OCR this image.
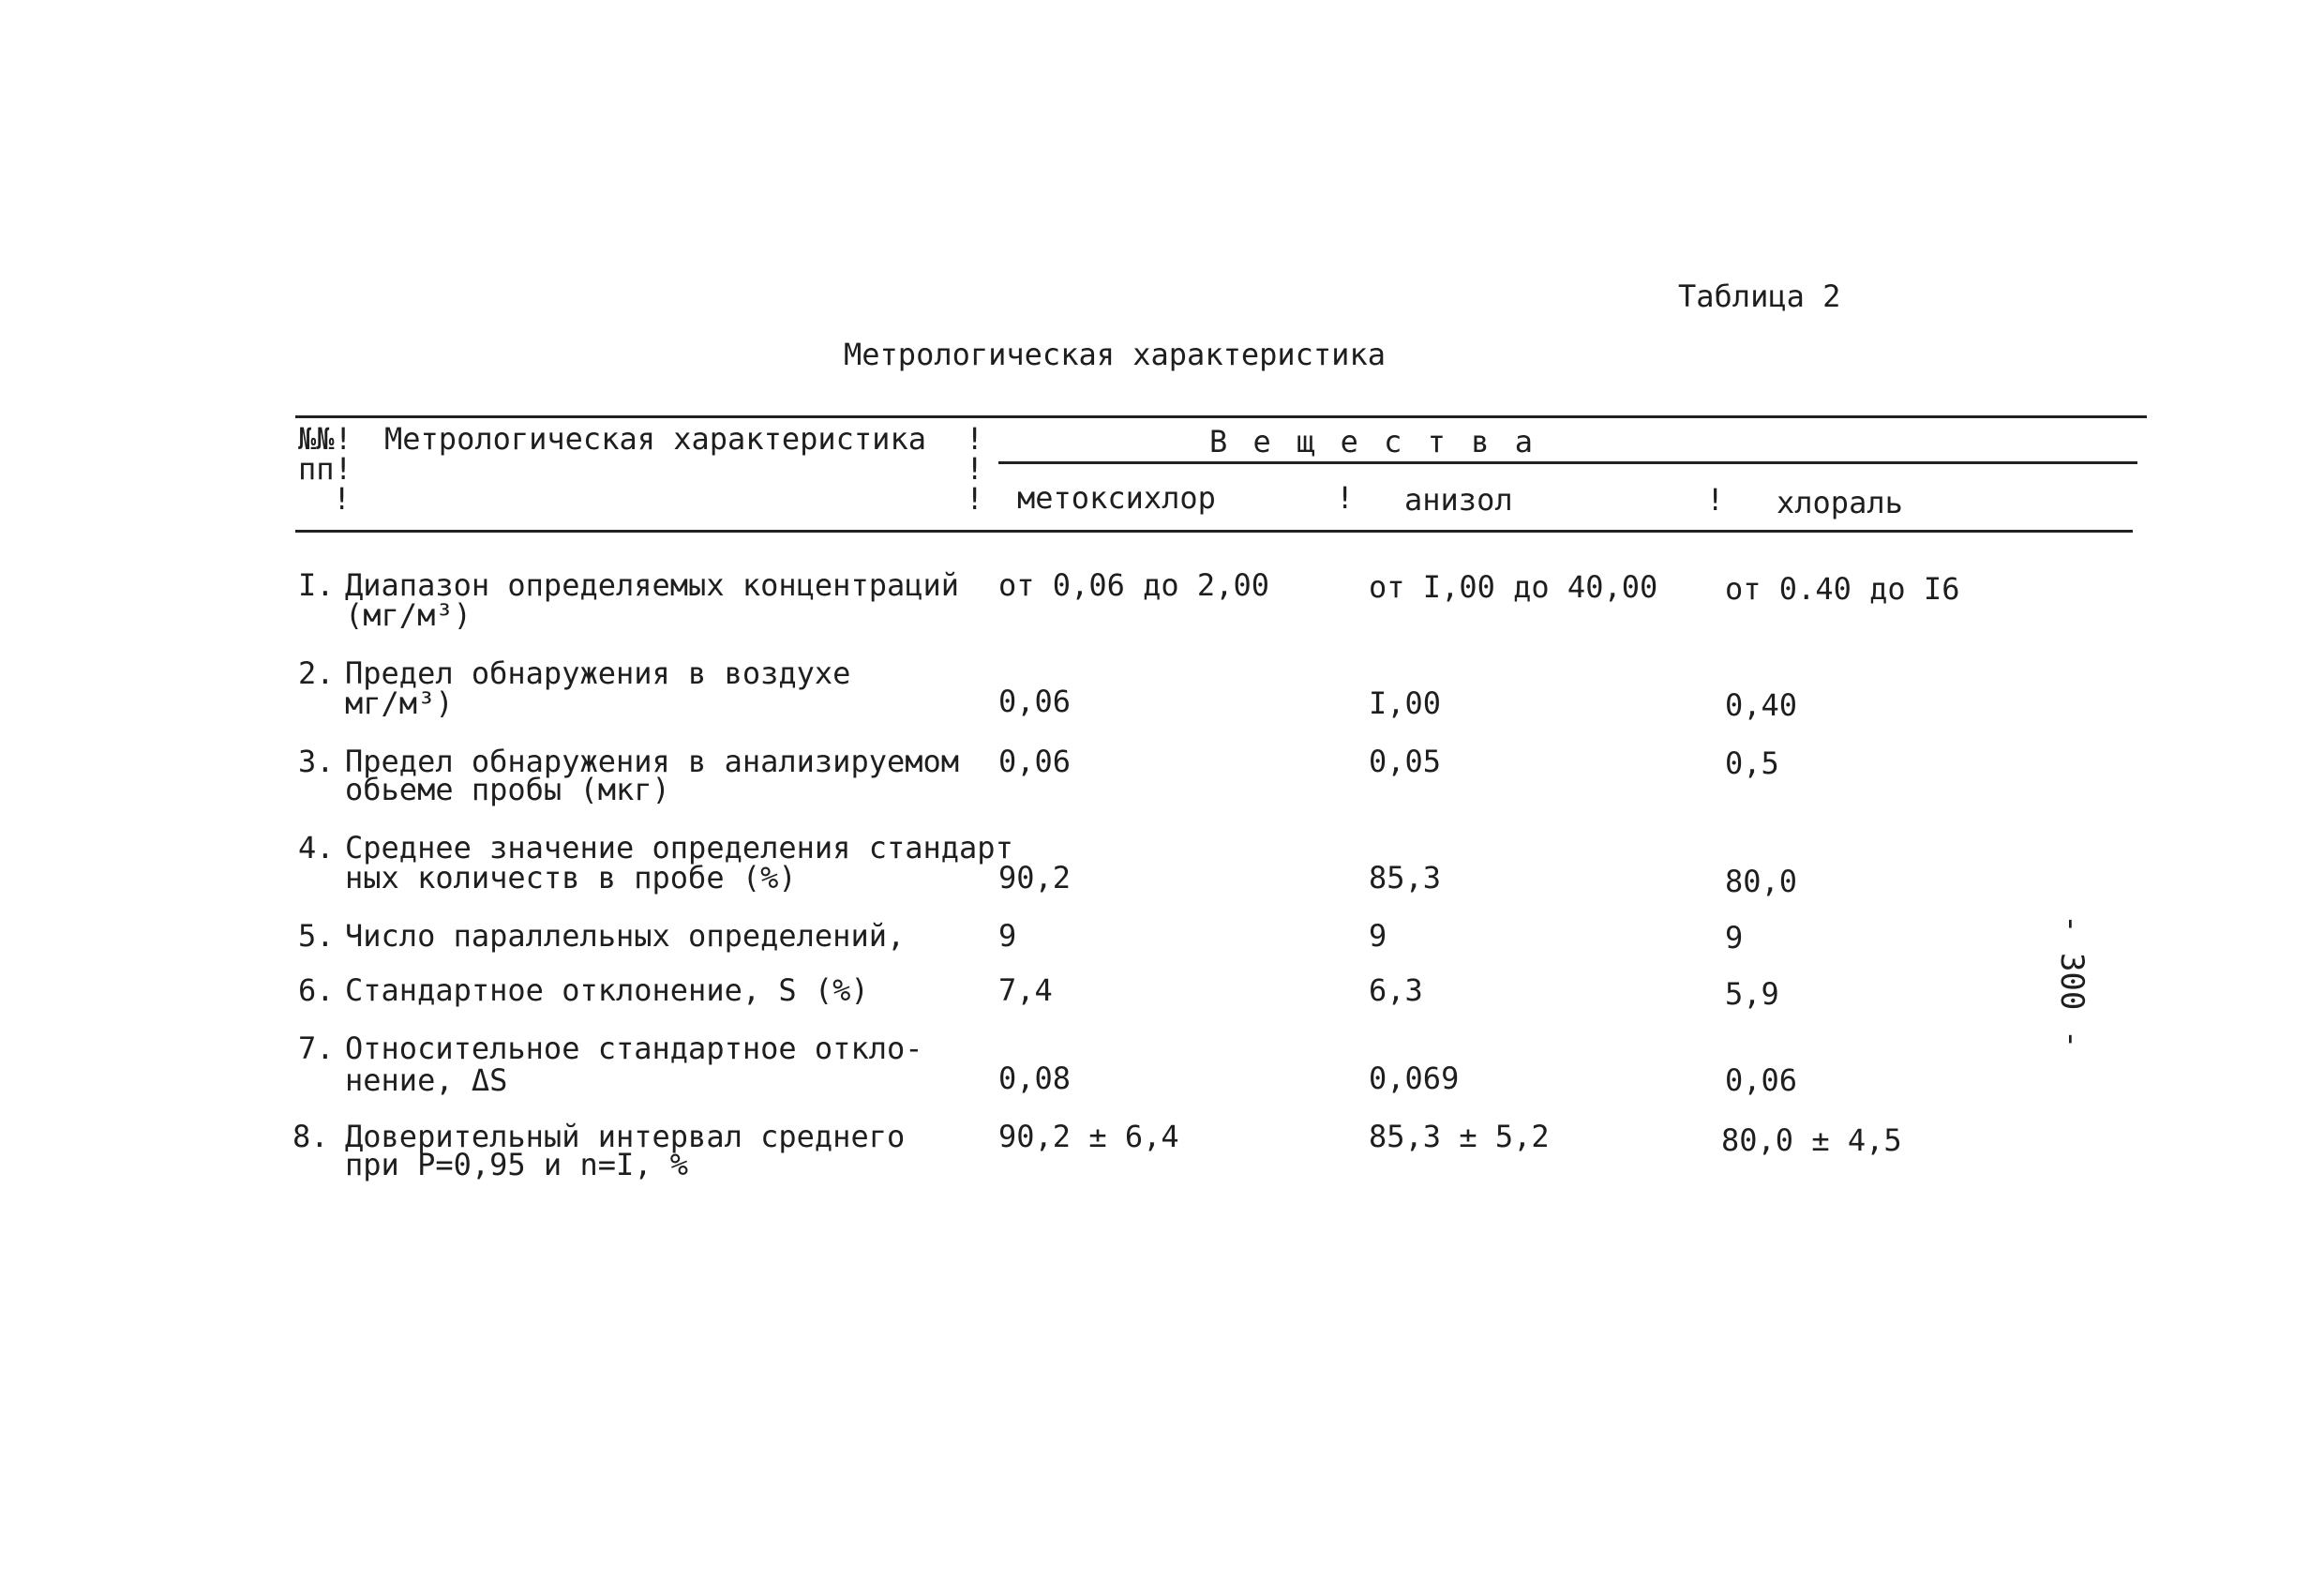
Таблица 2
Метрологическая характеристика
№№!
пп!
!
Метрологическая характеристика !
!
!
В е щ е с т в а
метоксихлор	! анизол	! хлораль
I. Диапазон определяемых концентраций
(мг/м³)
от 0,06 до 2,00	от I,00 до 40,00 от 0.40 до I6
2. Предел обнаружения в воздухе
мг/м³)	0,06	I,00	0,40
3. Предел обнаружения в анализируемом
обьеме пробы (мкг)
0,06	0,05	0,5
4. Среднее значение определения стандарт
ных количеств в пробе (%)	90,2	85,3	80,0
5. Число параллельных определений,	9	9	9
6. Стандартное отклонение, S (%)	7,4	6,3	5,9
7. Относительное стандартное откло-
нение, ΔS	0,08	0,069	0,06
8. Доверительный интервал среднего
при P=0,95 и n=I, %
90,2 ± 6,4	85,3 ± 5,2	80,0 ± 4,5
- 300 -
